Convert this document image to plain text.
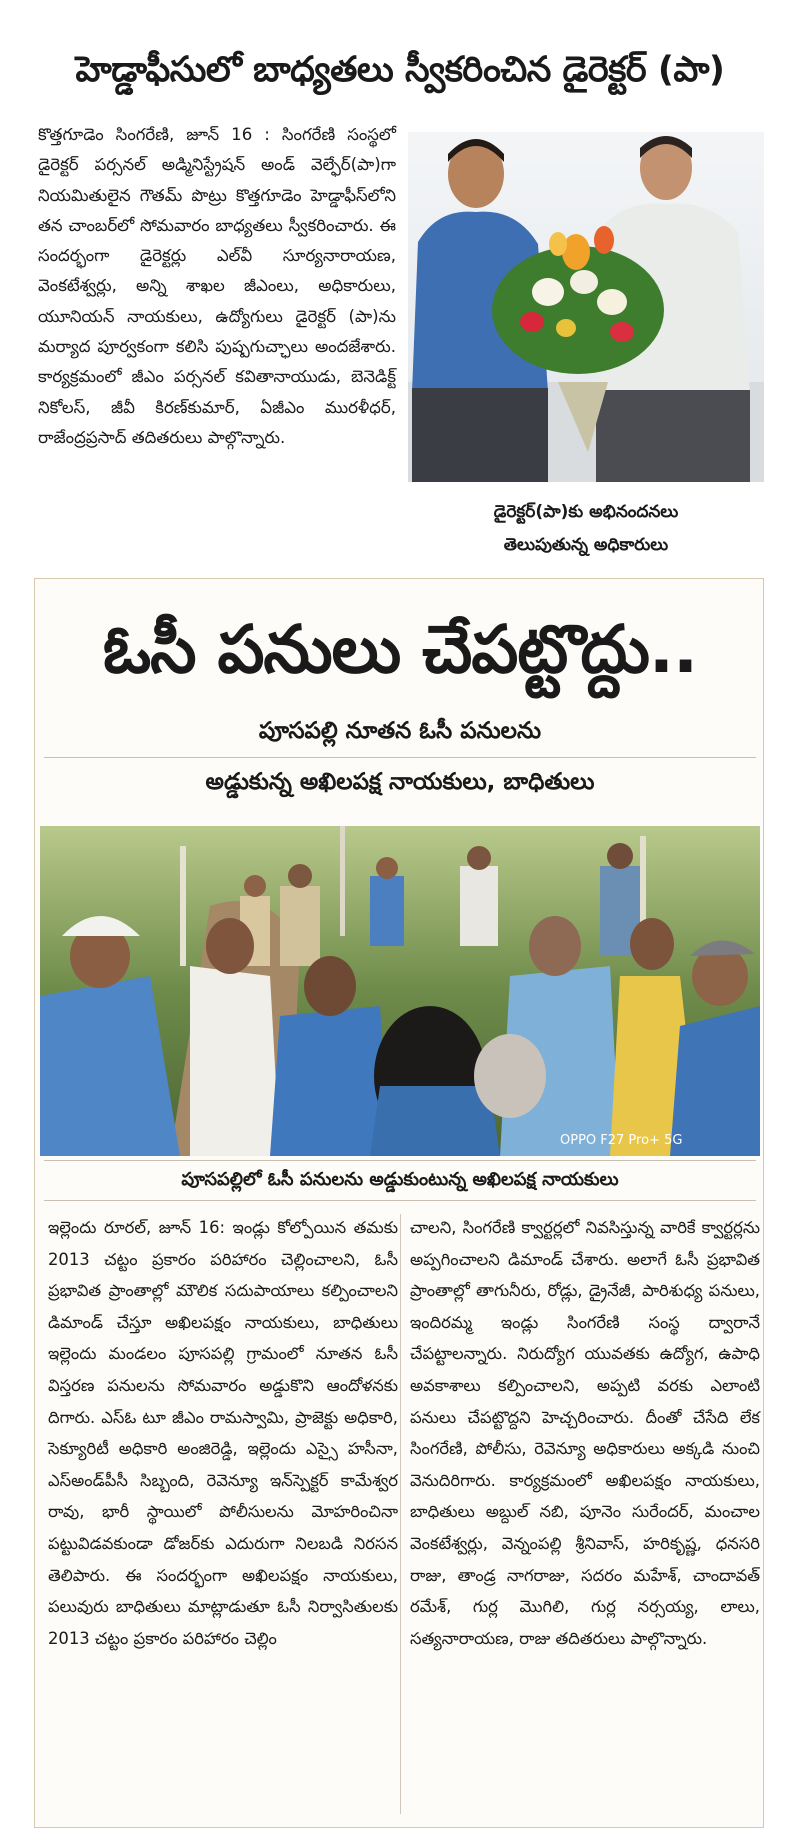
హెడ్డాఫీసులో బాధ్యతలు స్వీకరించిన డైరెక్టర్ (పా)

కొత్తగూడెం సింగరేణి, జూన్ 16 : సింగరేణి సంస్థలో డైరెక్టర్ పర్సనల్ అడ్మినిస్ట్రేషన్ అండ్ వెల్ఫేర్(పా)గా నియమితులైన గౌతమ్ పొట్రు కొత్తగూడెం హెడ్డాఫీస్‌లోని తన చాంబర్‌లో సోమవారం బాధ్యతలు స్వీకరించారు. ఈ సందర్భంగా డైరెక్టర్లు ఎల్‌వీ సూర్యనారాయణ, వెంకటేశ్వర్లు, అన్ని శాఖల జీఎంలు, అధికారులు, యూనియన్ నాయకులు, ఉద్యోగులు డైరెక్టర్ (పా)ను మర్యాద పూర్వకంగా కలిసి పుష్పగుచ్ఛాలు అందజేశారు. కార్యక్రమంలో జీఎం పర్సనల్ కవితానాయుడు, బెనెడిక్ట్ నికోలస్, జీవీ కిరణ్‌కుమార్, ఏజీఎం మురళీధర్, రాజేంద్రప్రసాద్ తదితరులు పాల్గొన్నారు.

డైరెక్టర్(పా)కు అభినందనలు
తెలుపుతున్న అధికారులు
ఓసీ పనులు చేపట్టొద్దు..
పూసపల్లి నూతన ఓసీ పనులను
అడ్డుకున్న అఖిలపక్ష నాయకులు, బాధితులు
OPPO F27 Pro+ 5G
పూసపల్లిలో ఓసీ పనులను అడ్డుకుంటున్న అఖిలపక్ష నాయకులు

ఇల్లెందు రూరల్, జూన్ 16: ఇండ్లు కోల్పోయిన తమకు 2013 చట్టం ప్రకారం పరిహారం చెల్లించాలని, ఓసీ ప్రభావిత ప్రాంతాల్లో మౌలిక సదుపాయాలు కల్పించాలని డిమాండ్ చేస్తూ అఖిలపక్షం నాయకులు, బాధితులు ఇల్లెందు మండలం పూసపల్లి గ్రామంలో నూతన ఓసీ విస్తరణ పనులను సోమవారం అడ్డుకొని ఆందోళనకు దిగారు. ఎస్‌ఓ టూ జీఎం రామస్వామి, ప్రాజెక్టు అధికారి, సెక్యూరిటీ అధికారి అంజిరెడ్డి, ఇల్లెందు ఎస్సై హసీనా, ఎస్‌అండ్‌పీసీ సిబ్బంది, రెవెన్యూ ఇన్‌స్పెక్టర్ కామేశ్వర రావు, భారీ స్థాయిలో పోలీసులను మోహరించినా పట్టువిడవకుండా డోజర్‌కు ఎదురుగా నిలబడి నిరసన తెలిపారు. ఈ సందర్భంగా అఖిలపక్షం నాయకులు, పలువురు బాధితులు మాట్లాడుతూ ఓసీ నిర్వాసితులకు 2013 చట్టం ప్రకారం పరిహారం చెల్లిం

చాలని, సింగరేణి క్వార్టర్లలో నివసిస్తున్న వారికే క్వార్టర్లను అప్పగించాలని డిమాండ్ చేశారు. అలాగే ఓసీ ప్రభావిత ప్రాంతాల్లో తాగునీరు, రోడ్లు, డ్రైనేజీ, పారిశుధ్య పనులు, ఇందిరమ్మ ఇండ్లు సింగరేణి సంస్థ ద్వారానే చేపట్టాలన్నారు. నిరుద్యోగ యువతకు ఉద్యోగ, ఉపాధి అవకాశాలు కల్పించాలని, అప్పటి వరకు ఎలాంటి పనులు చేపట్టొద్దని హెచ్చరించారు. దీంతో చేసేది లేక సింగరేణి, పోలీసు, రెవెన్యూ అధికారులు అక్కడి నుంచి వెనుదిరిగారు. కార్యక్రమంలో అఖిలపక్షం నాయకులు, బాధితులు అబ్దుల్ నబి, పూనెం సురేందర్, మంచాల వెంకటేశ్వర్లు, వెన్నంపల్లి శ్రీనివాస్, హరికృష్ణ, ధనసరి రాజు, తాండ్ర నాగరాజు, సదరం మహేశ్, చాందావత్ రమేశ్, గుర్ల మొగిలి, గుర్ల నర్సయ్య, లాలు, సత్యనారాయణ, రాజు తదితరులు పాల్గొన్నారు.
